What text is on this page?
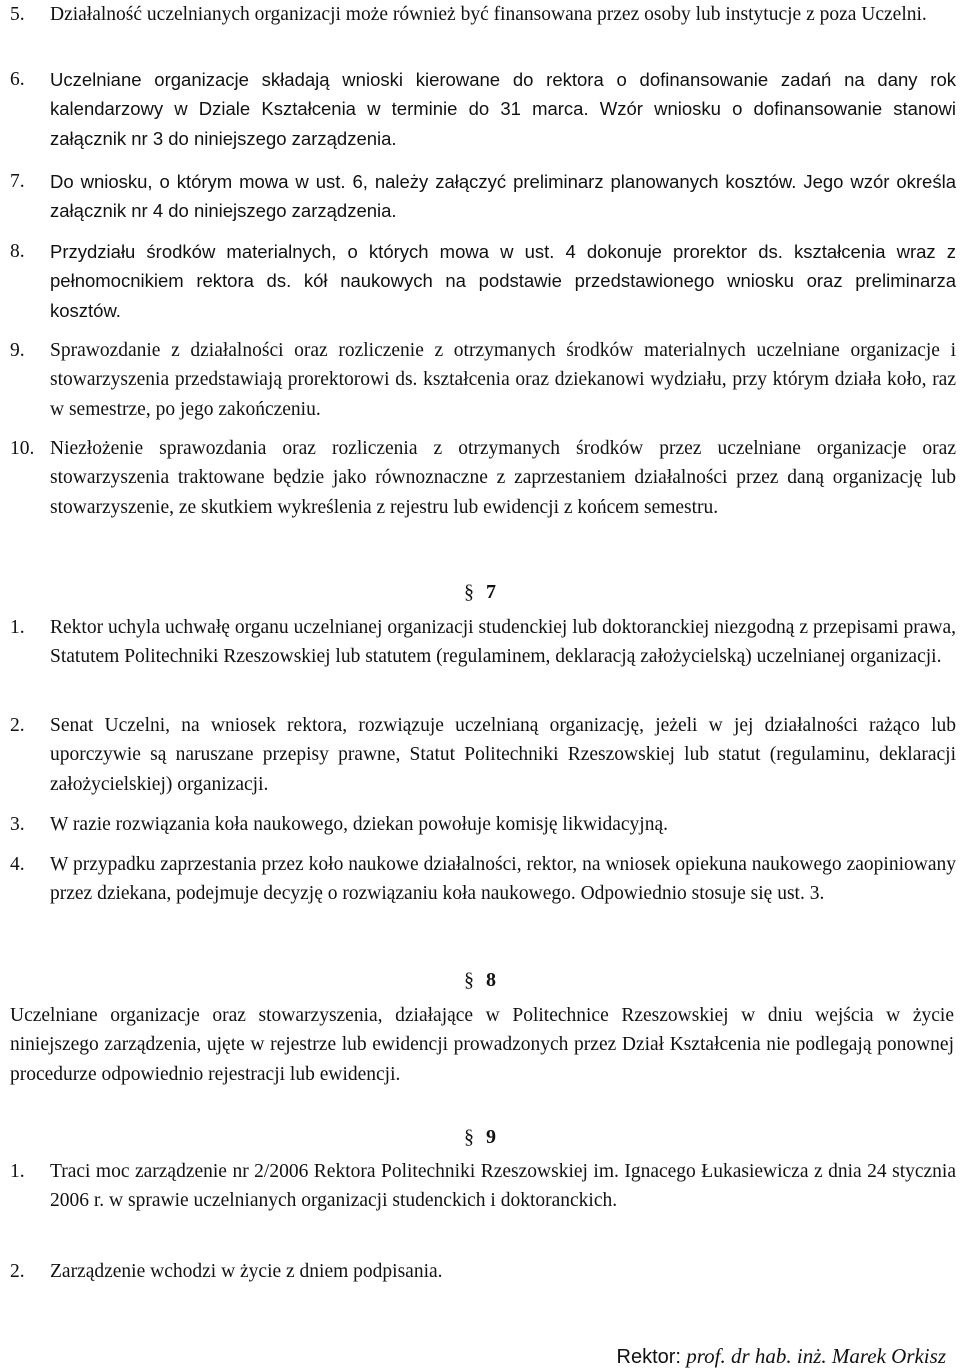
5.	Działalność uczelnianych organizacji może również być finansowana przez osoby lub instytucje z poza Uczelni.
6.	Uczelniane organizacje składają wnioski kierowane do rektora o dofinansowanie zadań na dany rok kalendarzowy w Dziale Kształcenia w terminie do 31 marca. Wzór wniosku o dofinansowanie stanowi załącznik nr 3 do niniejszego zarządzenia.
7.	Do wniosku, o którym mowa w ust. 6, należy załączyć preliminarz planowanych kosztów. Jego wzór określa załącznik nr 4 do niniejszego zarządzenia.
8.	Przydziału środków materialnych, o których mowa w ust. 4 dokonuje prorektor ds. kształcenia wraz z pełnomocnikiem rektora ds. kół naukowych na podstawie przedstawionego wniosku oraz preliminarza kosztów.
9.	Sprawozdanie z działalności oraz rozliczenie z otrzymanych środków materialnych uczelniane organizacje i stowarzyszenia przedstawiają prorektorowi ds. kształcenia oraz dziekanowi wydziału, przy którym działa koło, raz w semestrze, po jego zakończeniu.
10. Niezłożenie sprawozdania oraz rozliczenia z otrzymanych środków przez uczelniane organizacje oraz stowarzyszenia traktowane będzie jako równoznaczne z zaprzestaniem działalności przez daną organizację lub stowarzyszenie, ze skutkiem wykreślenia z rejestru lub ewidencji z końcem semestru.
§ 7
1.	Rektor uchyla uchwałę organu uczelnianej organizacji studenckiej lub doktoranckiej niezgodną z przepisami prawa, Statutem Politechniki Rzeszowskiej lub statutem (regulaminem, deklaracją założycielską) uczelnianej organizacji.
2.	Senat Uczelni, na wniosek rektora, rozwiązuje uczelnianą organizację, jeżeli w jej działalności rażąco lub uporczywie są naruszane przepisy prawne, Statut Politechniki Rzeszowskiej lub statut (regulaminu, deklaracji założycielskiej) organizacji.
3.	W razie rozwiązania koła naukowego, dziekan powołuje komisję likwidacyjną.
4.	W przypadku zaprzestania przez koło naukowe działalności, rektor, na wniosek opiekuna naukowego zaopiniowany przez dziekana, podejmuje decyzję o rozwiązaniu koła naukowego. Odpowiednio stosuje się ust. 3.
§ 8
Uczelniane organizacje oraz stowarzyszenia, działające w Politechnice Rzeszowskiej w dniu wejścia w życie niniejszego zarządzenia, ujęte w rejestrze lub ewidencji prowadzonych przez Dział Kształcenia nie podlegają ponownej procedurze odpowiednio rejestracji lub ewidencji.
§ 9
1.	Traci moc zarządzenie nr 2/2006 Rektora Politechniki Rzeszowskiej im. Ignacego Łukasiewicza z dnia 24 stycznia 2006 r. w sprawie uczelnianych organizacji studenckich i doktoranckich.
2.	Zarządzenie wchodzi w życie z dniem podpisania.
Rektor: prof. dr hab. inż. Marek Orkisz
